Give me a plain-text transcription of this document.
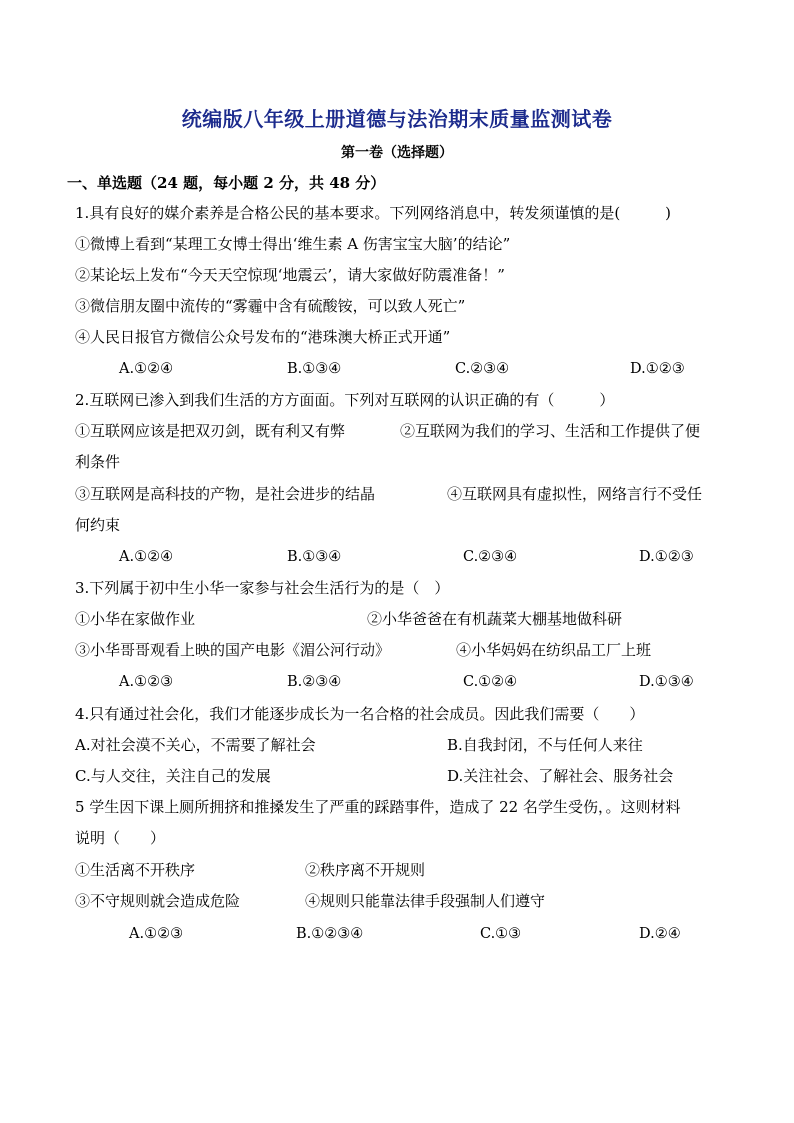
统编版八年级上册道德与法治期末质量监测试卷
第一卷（选择题）
一、单选题（24 题，每小题 2 分，共 48 分）
1.具有良好的媒介素养是合格公民的基本要求。下列网络消息中，转发须谨慎的是(　　　)
①微博上看到“某理工女博士得出‘维生素 A 伤害宝宝大脑’的结论”
②某论坛上发布“今天天空惊现‘地震云’，请大家做好防震准备！”
③微信朋友圈中流传的“雾霾中含有硫酸铵，可以致人死亡”
④人民日报官方微信公众号发布的“港珠澳大桥正式开通”
A.①②④	B.①③④	C.②③④	D.①②③
2.互联网已渗入到我们生活的方方面面。下列对互联网的认识正确的有（　　　）
①互联网应该是把双刃剑，既有利又有弊	②互联网为我们的学习、生活和工作提供了便
利条件
③互联网是高科技的产物，是社会进步的结晶	④互联网具有虚拟性，网络言行不受任
何约束
A.①②④	B.①③④	C.②③④	D.①②③
3.下列属于初中生小华一家参与社会生活行为的是（　）
①小华在家做作业	②小华爸爸在有机蔬菜大棚基地做科研
③小华哥哥观看上映的国产电影《湄公河行动》	④小华妈妈在纺织品工厂上班
A.①②③	B.②③④	C.①②④	D.①③④
4.只有通过社会化，我们才能逐步成长为一名合格的社会成员。因此我们需要（　　）
A.对社会漠不关心，不需要了解社会	B.自我封闭，不与任何人来往
C.与人交往，关注自己的发展	D.关注社会、了解社会、服务社会
5 学生因下课上厕所拥挤和推搡发生了严重的踩踏事件，造成了 22 名学生受伤，。这则材料
说明（　　）
①生活离不开秩序	②秩序离不开规则
③不守规则就会造成危险	④规则只能靠法律手段强制人们遵守
A.①②③	B.①②③④	C.①③	D.②④
